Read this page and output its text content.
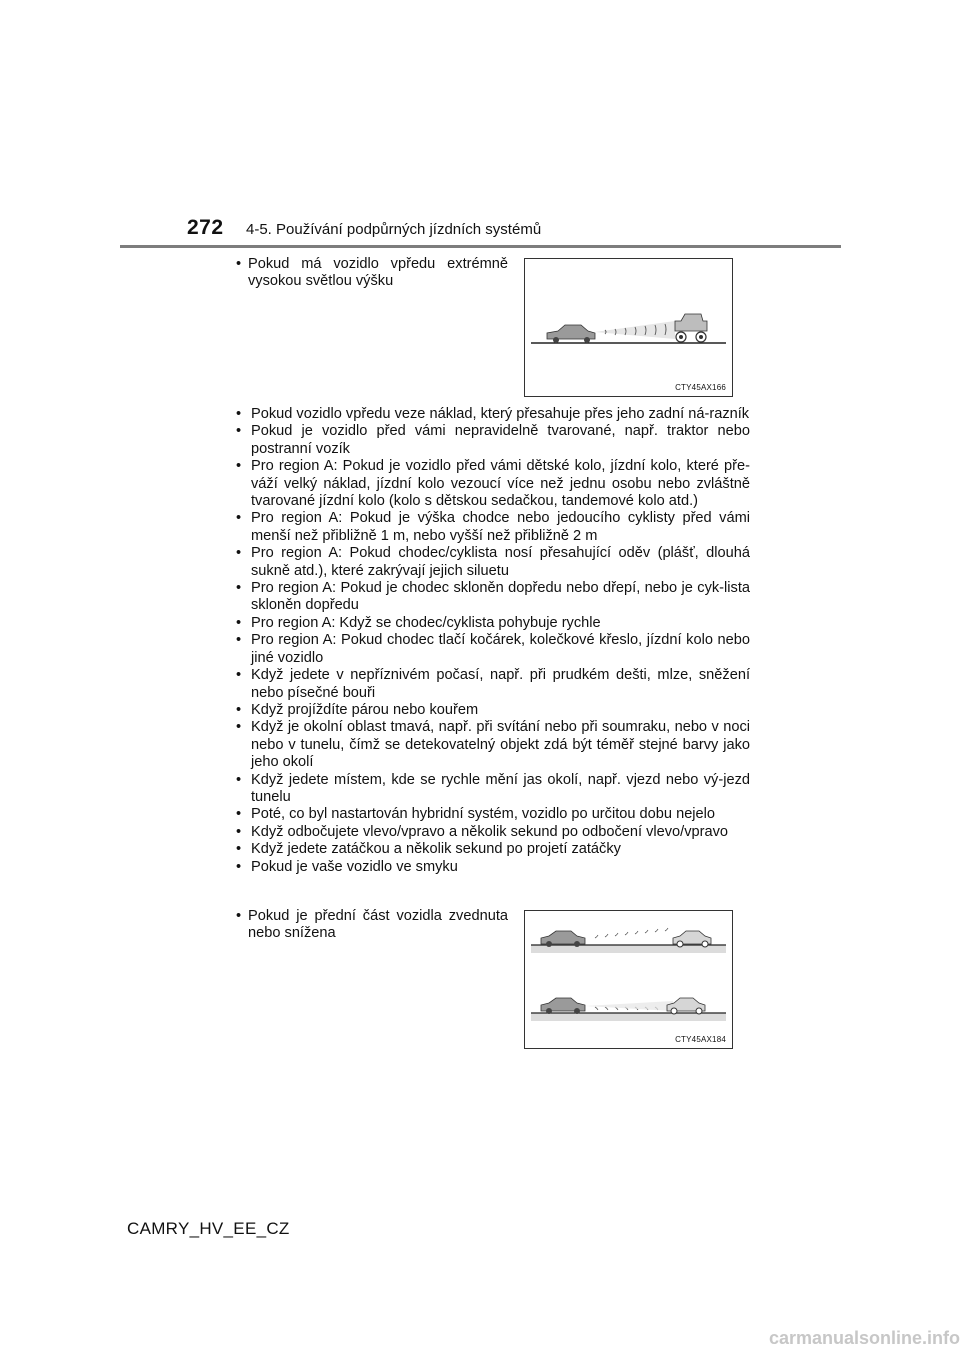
272 4-5. Používání podpůrných jízdních systémů
• Pokud má vozidlo vpředu extrémně vysokou světlou výšku
CTY45AX166
• Pokud vozidlo vpředu veze náklad, který přesahuje přes jeho zadní ná-razník
• Pokud je vozidlo před vámi nepravidelně tvarované, např. traktor nebo postranní vozík
• Pro region A: Pokud je vozidlo před vámi dětské kolo, jízdní kolo, které pře-váží velký náklad, jízdní kolo vezoucí více než jednu osobu nebo zvláštně tvarované jízdní kolo (kolo s dětskou sedačkou, tandemové kolo atd.)
• Pro region A: Pokud je výška chodce nebo jedoucího cyklisty před vámi menší než přibližně 1 m, nebo vyšší než přibližně 2 m
• Pro region A: Pokud chodec/cyklista nosí přesahující oděv (plášť, dlouhá sukně atd.), které zakrývají jejich siluetu
• Pro region A: Pokud je chodec skloněn dopředu nebo dřepí, nebo je cyk-lista skloněn dopředu
• Pro region A: Když se chodec/cyklista pohybuje rychle
• Pro region A: Pokud chodec tlačí kočárek, kolečkové křeslo, jízdní kolo nebo jiné vozidlo
• Když jedete v nepříznivém počasí, např. při prudkém dešti, mlze, sněžení nebo písečné bouři
• Když projíždíte párou nebo kouřem
• Když je okolní oblast tmavá, např. při svítání nebo při soumraku, nebo v noci nebo v tunelu, čímž se detekovatelný objekt zdá být téměř stejné barvy jako jeho okolí
• Když jedete místem, kde se rychle mění jas okolí, např. vjezd nebo vý-jezd tunelu
• Poté, co byl nastartován hybridní systém, vozidlo po určitou dobu nejelo
• Když odbočujete vlevo/vpravo a několik sekund po odbočení vlevo/vpravo
• Když jedete zatáčkou a několik sekund po projetí zatáčky
• Pokud je vaše vozidlo ve smyku
• Pokud je přední část vozidla zvednuta nebo snížena
CTY45AX184
CAMRY_HV_EE_CZ
carmanualsonline.info
